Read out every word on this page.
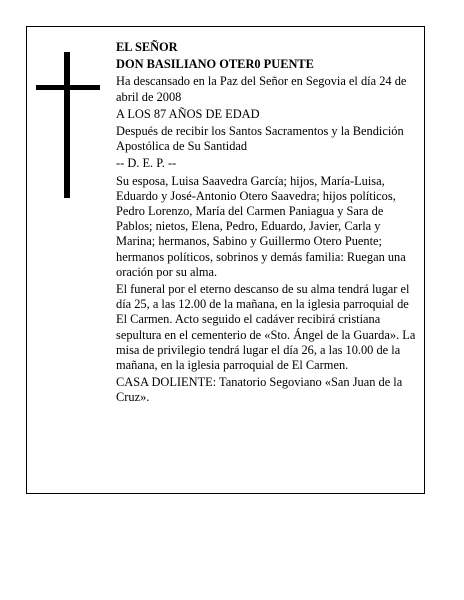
EL SEÑOR

DON BASILIANO OTER0 PUENTE

Ha descansado en la Paz del Señor en Segovia el día 24 de abril de 2008

A LOS 87 AÑOS DE EDAD

Después de recibir los Santos Sacramentos y la Bendición Apostólica de Su Santidad

-- D. E. P. --

Su esposa, Luisa Saavedra García; hijos, María-Luisa, Eduardo y José-Antonio Otero Saavedra; hijos políticos, Pedro Lorenzo, María del Carmen Paniagua y Sara de Pablos; nietos, Elena, Pedro, Eduardo, Javier, Carla y Marina; hermanos, Sabino y Guillermo Otero Puente; hermanos políticos, sobrinos y demás familia: Ruegan una oración por su alma.

El funeral por el eterno descanso de su alma tendrá lugar el día 25, a las 12.00 de la mañana, en la iglesia parroquial de El Carmen. Acto seguido el cadáver recibirá cristiana sepultura en el cementerio de «Sto. Ángel de la Guarda». La misa de privilegio tendrá lugar el día 26, a las 10.00 de la mañana, en la iglesia parroquial de El Carmen.

CASA DOLIENTE: Tanatorio Segoviano «San Juan de la Cruz».
